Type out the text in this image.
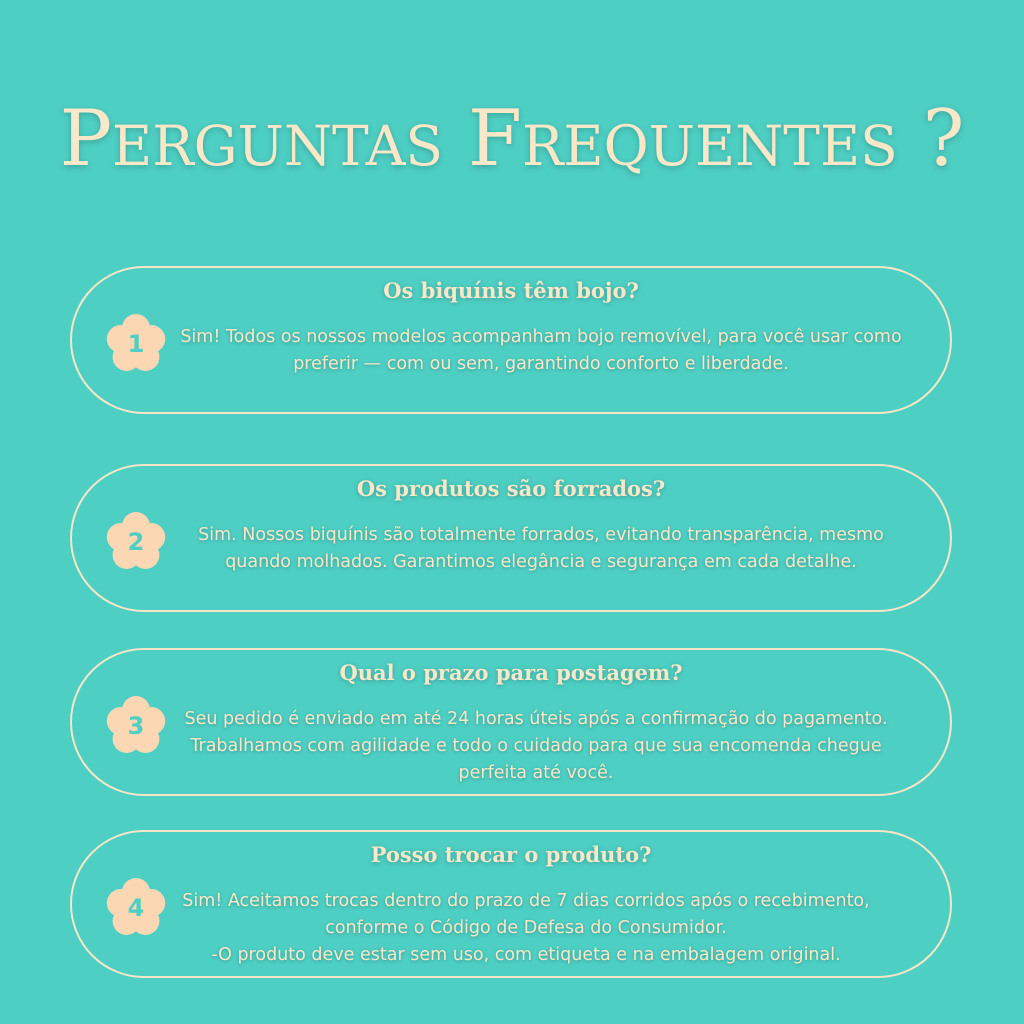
Perguntas Frequentes ?
Os biquínis têm bojo?
1	Sim! Todos os nossos modelos acompanham bojo removível, para você usar como preferir — com ou sem, garantindo conforto e liberdade.
Os produtos são forrados?
2	Sim. Nossos biquínis são totalmente forrados, evitando transparência, mesmo quando molhados. Garantimos elegância e segurança em cada detalhe.
Qual o prazo para postagem?
3	Seu pedido é enviado em até 24 horas úteis após a confirmação do pagamento. Trabalhamos com agilidade e todo o cuidado para que sua encomenda chegue perfeita até você.
Posso trocar o produto?
4	Sim! Aceitamos trocas dentro do prazo de 7 dias corridos após o recebimento, conforme o Código de Defesa do Consumidor.
-O produto deve estar sem uso, com etiqueta e na embalagem original.
